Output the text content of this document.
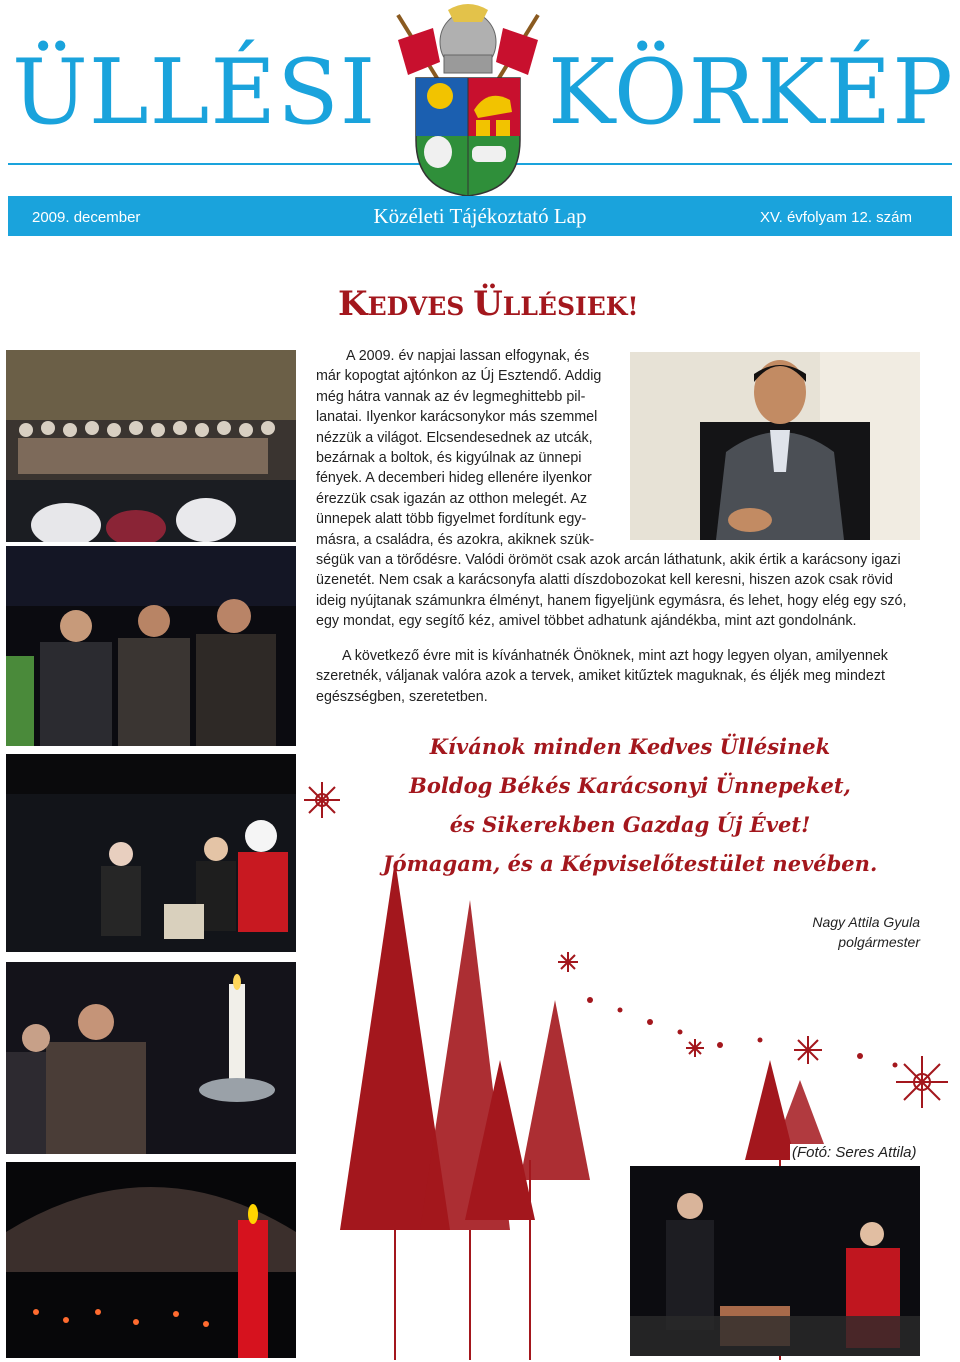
ÜLLÉSI KÖRKÉP
2009. december	Közéleti Tájékoztató Lap	XV. évfolyam 12. szám
KEDVES ÜLLÉSIEK!

A 2009. év napjai lassan elfogynak, és

már kopogtat ajtónkon az Új Esztendő. Addig

még hátra vannak az év legmeghittebb pil-

lanatai. Ilyenkor karácsonykor más szemmel

nézzük a világot. Elcsendesednek az utcák,

bezárnak a boltok, és kigyúlnak az ünnepi

fények. A decemberi hideg ellenére ilyenkor

érezzük csak igazán az otthon melegét. Az

ünnepek alatt több figyelmet fordítunk egy-

másra, a családra, és azokra, akiknek szük-

ségük van a törődésre. Valódi örömöt csak azok arcán láthatunk, akik értik a karácsony igazi

üzenetét. Nem csak a karácsonyfa alatti díszdobozokat kell keresni, hiszen azok csak rövid

ideig nyújtanak számunkra élményt, hanem figyeljünk egymásra, és lehet, hogy elég egy szó,

egy mondat, egy segítő kéz, amivel többet adhatunk ajándékba, mint azt gondolnánk.

A következő évre mit is kívánhatnék Önöknek, mint azt hogy legyen olyan, amilyennek

szeretnék, váljanak valóra azok a tervek, amiket kitűztek maguknak, és éljék meg mindezt

egészségben, szeretetben.

Kívánok minden Kedves Üllésinek
Boldog Békés Karácsonyi Ünnepeket,
és Sikerekben Gazdag Új Évet!
Jómagam, és a Képviselőtestület nevében.
Nagy Attila Gyula
polgármester
(Fotó: Seres Attila)
